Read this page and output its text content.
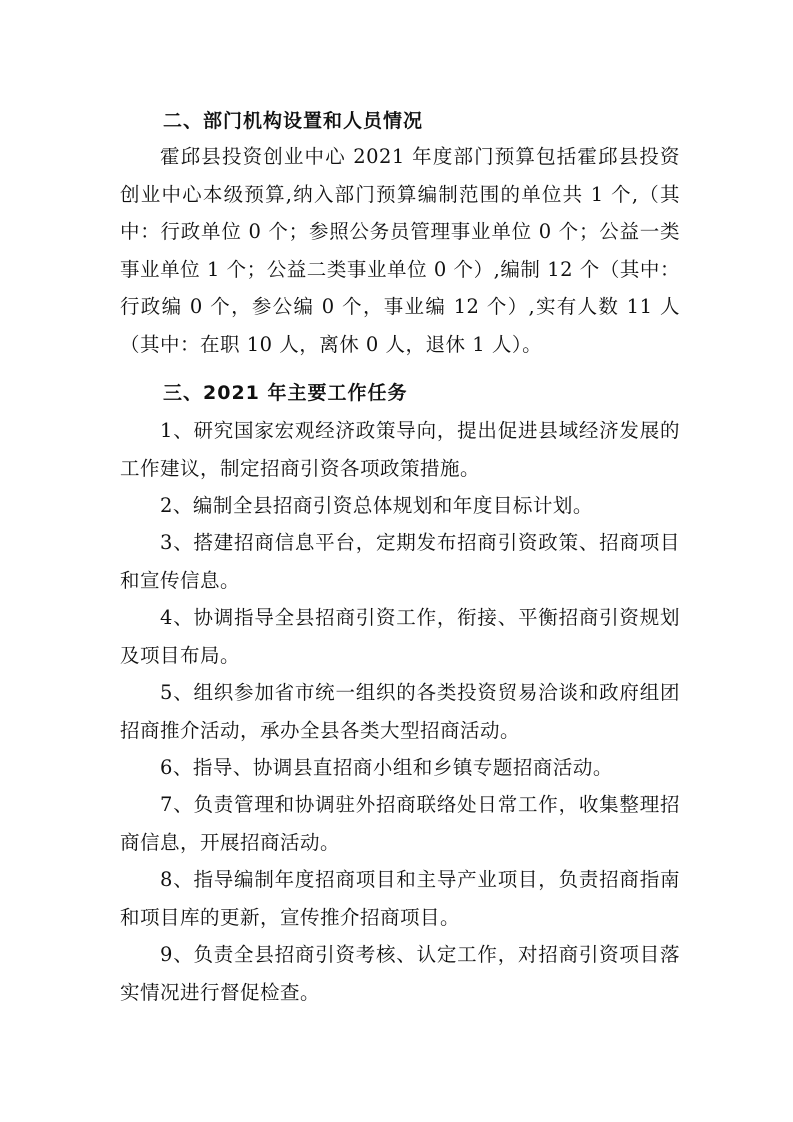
二、部门机构设置和人员情况

霍邱县投资创业中心 2021 年度部门预算包括霍邱县投资创业中心本级预算,纳入部门预算编制范围的单位共 1 个,（其中：行政单位 0 个；参照公务员管理事业单位 0 个；公益一类事业单位 1 个；公益二类事业单位 0 个）,编制 12 个（其中：行政编 0 个，参公编 0 个，事业编 12 个）,实有人数 11 人（其中：在职 10 人，离休 0 人，退休 1 人）。

三、2021 年主要工作任务

1、研究国家宏观经济政策导向，提出促进县域经济发展的工作建议，制定招商引资各项政策措施。

2、编制全县招商引资总体规划和年度目标计划。

3、搭建招商信息平台，定期发布招商引资政策、招商项目和宣传信息。

4、协调指导全县招商引资工作，衔接、平衡招商引资规划及项目布局。

5、组织参加省市统一组织的各类投资贸易洽谈和政府组团招商推介活动，承办全县各类大型招商活动。

6、指导、协调县直招商小组和乡镇专题招商活动。

7、负责管理和协调驻外招商联络处日常工作，收集整理招商信息，开展招商活动。

8、指导编制年度招商项目和主导产业项目，负责招商指南和项目库的更新，宣传推介招商项目。

9、负责全县招商引资考核、认定工作，对招商引资项目落实情况进行督促检查。
